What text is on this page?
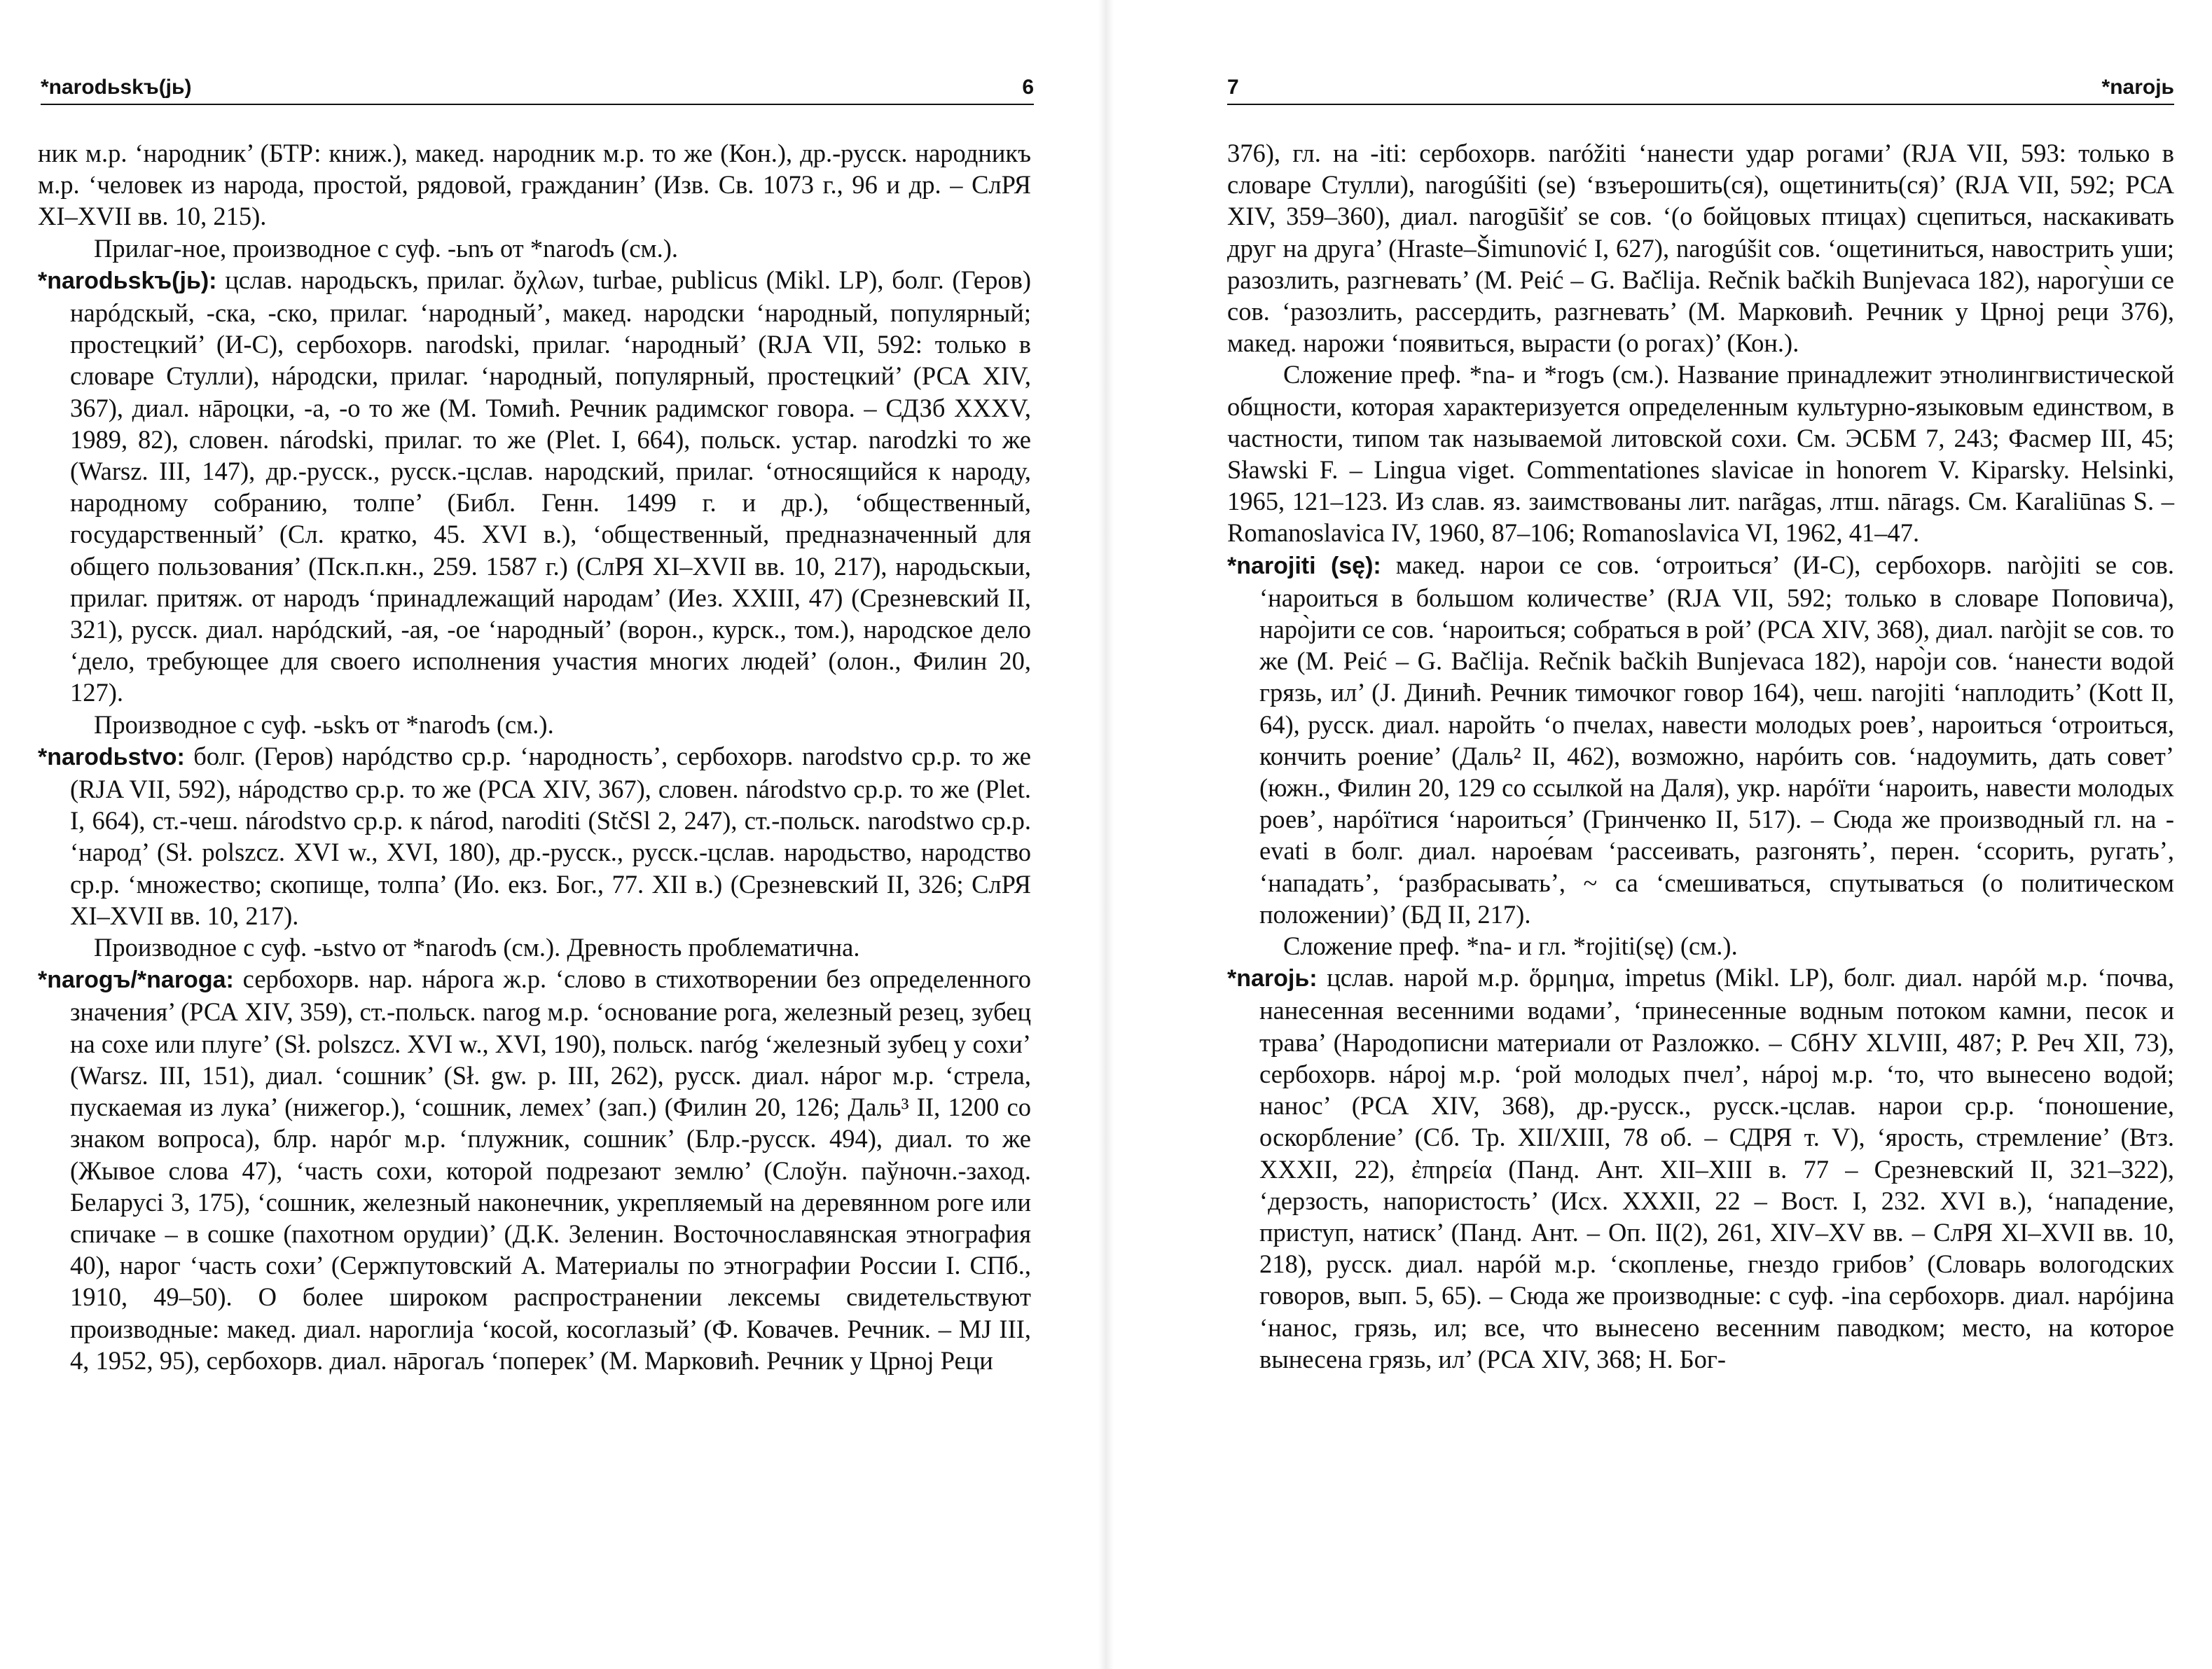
*narodьskъ(jь)	6

ник м.р. ‘народник’ (БТР: книж.), макед. народник м.р. то же (Кон.), др.-русск. народникъ м.р. ‘человек из народа, простой, рядовой, гражданин’ (Изв. Св. 1073 г., 96 и др. – СлРЯ XI–XVII вв. 10, 215).

Прилаг-ное, производное с суф. -ьnъ от *narodъ (см.).

*narodьskъ(jь): цслав. народьскъ, прилаг. ὄχλων, turbae, publicus (Mikl. LP), болг. (Геров) нарóдскый, -ска, -ско, прилаг. ‘народный’, макед. народски ‘народный, популярный; простецкий’ (И-С), сербохорв. narodski, прилаг. ‘народный’ (RJA VII, 592: только в словаре Стулли), нáродски, прилаг. ‘народный, популярный, простецкий’ (РСА XIV, 367), диал. нāроцки, -а, -о то же (М. Томић. Речник радимског говора. – СДЗб XXXV, 1989, 82), словен. národski, прилаг. то же (Plet. I, 664), польск. устар. narodzki то же (Warsz. III, 147), др.-русск., русск.-цслав. народский, прилаг. ‘относящийся к народу, народному собранию, толпе’ (Библ. Генн. 1499 г. и др.), ‘общественный, государственный’ (Сл. кратко, 45. XVI в.), ‘общественный, предназначенный для общего пользования’ (Пск.п.кн., 259. 1587 г.) (СлРЯ XI–XVII вв. 10, 217), народьскыи, прилаг. притяж. от народъ ‘принадлежащий народам’ (Иез. XXIII, 47) (Срезневский II, 321), русск. диал. нарóдский, -ая, -ое ‘народный’ (ворон., курск., том.), народское дело ‘дело, требующее для своего исполнения участия многих людей’ (олон., Филин 20, 127).

Производное с суф. -ьskъ от *narodъ (см.).

*narodьstvo: болг. (Геров) нарóдство ср.р. ‘народность’, сербохорв. narodstvo ср.р. то же (RJA VII, 592), нáродство ср.р. то же (РСА XIV, 367), словен. národstvo ср.р. то же (Plet. I, 664), ст.-чеш. národstvo ср.р. к národ, naroditi (StčSl 2, 247), ст.-польск. narodstwo ср.р. ‘народ’ (Sł. polszcz. XVI w., XVI, 180), др.-русск., русск.-цслав. народьство, народство ср.р. ‘множество; скопище, толпа’ (Ио. екз. Бог., 77. XII в.) (Срезневский II, 326; СлРЯ XI–XVII вв. 10, 217).

Производное с суф. -ьstvo от *narodъ (см.). Древность проблематична.

*narogъ/*naroga: сербохорв. нар. нáрога ж.р. ‘слово в стихотворении без определенного значения’ (РСА XIV, 359), ст.-польск. narog м.р. ‘основание рога, железный резец, зубец на сохе или плуге’ (Sł. polszcz. XVI w., XVI, 190), польск. naróg ‘железный зубец у сохи’ (Warsz. III, 151), диал. ‘сошник’ (Sł. gw. p. III, 262), русск. диал. нáрог м.р. ‘стрела, пускаемая из лука’ (нижегор.), ‘сошник, лемех’ (зап.) (Филин 20, 126; Даль³ II, 1200 со знаком вопроса), блр. нарóг м.р. ‘плужник, сошник’ (Блр.-русск. 494), диал. то же (Жывое слова 47), ‘часть сохи, которой подрезают землю’ (Слоўн. паўночн.-заход. Беларусі 3, 175), ‘сошник, железный наконечник, укрепляемый на деревянном роге или спичаке – в сошке (пахотном орудии)’ (Д.К. Зеленин. Восточнославянская этнография 40), нарог ‘часть сохи’ (Сержпутовский А. Материалы по этнографии России I. СПб., 1910, 49–50). О более широком распространении лексемы свидетельствуют производные: макед. диал. нароглија ‘косой, косоглазый’ (Ф. Ковачев. Речник. – МЈ III, 4, 1952, 95), сербохорв. диал. нāрогаљ ‘поперек’ (М. Марковић. Речник у Црној Реци

7	*narojь

376), гл. на -iti: сербохорв. naróžiti ‘нанести удар рогами’ (RJA VII, 593: только в словаре Стулли), narogúšiti (se) ‘взъерошить(ся), ощетинить(ся)’ (RJA VII, 592; РСА XIV, 359–360), диал. narogūšiť se сов. ‘(о бойцовых птицах) сцепиться, наскакивать друг на друга’ (Hraste–Šimunović I, 627), narogúšit сов. ‘ощетиниться, навострить уши; разозлить, разгневать’ (M. Peić – G. Bačlija. Rečnik bačkih Bunjevaca 182), нарогу̀ши се сов. ‘разозлить, рассердить, разгневать’ (М. Марковић. Речник у Црној реци 376), макед. нарожи ‘появиться, вырасти (о рогах)’ (Кон.).

Сложение преф. *na- и *rogъ (см.). Название принадлежит этнолингвистической общности, которая характеризуется определенным культурно-языковым единством, в частности, типом так называемой литовской сохи. См. ЭСБМ 7, 243; Фасмер III, 45; Sławski F. – Lingua viget. Commentationes slavicae in honorem V. Kiparsky. Helsinki, 1965, 121–123. Из слав. яз. заимствованы лит. narãgas, лтш. nārags. См. Karaliūnas S. – Romanoslavica IV, 1960, 87–106; Romanoslavica VI, 1962, 41–47.

*narojiti (sę): макед. нарои се сов. ‘отроиться’ (И-С), сербохорв. naròjiti se сов. ‘нароиться в большом количестве’ (RJA VII, 592; только в словаре Поповича), наро̀јити се сов. ‘нароиться; собраться в рой’ (РСА XIV, 368), диал. naròjit se сов. то же (M. Peić – G. Bačlija. Rečnik bačkih Bunjevaca 182), наро̀ји сов. ‘нанести водой грязь, ил’ (J. Динић. Речник тимочког говор 164), чеш. narojiti ‘наплодить’ (Kott II, 64), русск. диал. наройть ‘о пчелах, навести молодых роев’, нароиться ‘отроиться, кончить роение’ (Даль² II, 462), возможно, нарóить сов. ‘надоумить, дать совет’ (южн., Филин 20, 129 со ссылкой на Даля), укр. нарóїти ‘нароить, навести молодых роев’, нарóїтися ‘нароиться’ (Гринченко II, 517). – Сюда же производный гл. на -evati в болг. диал. нарое́вам ‘рассеивать, разгонять’, перен. ‘ссорить, ругать’, ‘нападать’, ‘разбрасывать’, ~ са ‘смешиваться, спутываться (о политическом положении)’ (БД II, 217).

Сложение преф. *na- и гл. *rojiti(sę) (см.).

*narojь: цслав. нарой м.р. ὅρμημα, impetus (Mikl. LP), болг. диал. нарóй м.р. ‘почва, нанесенная весенними водами’, ‘принесенные водным потоком камни, песок и трава’ (Народописни материали от Разложко. – СбНУ XLVIII, 487; Р. Реч XII, 73), сербохорв. нáрој м.р. ‘рой молодых пчел’, нáрој м.р. ‘то, что вынесено водой; нанос’ (РСА XIV, 368), др.-русск., русск.-цслав. нарои ср.р. ‘поношение, оскорбление’ (Сб. Тр. XII/XIII, 78 об. – СДРЯ т. V), ‘ярость, стремление’ (Втз. XXXII, 22), ἐπηρεία (Панд. Ант. XII–XIII в. 77 – Срезневский II, 321–322), ‘дерзость, напористость’ (Исх. XXXII, 22 – Вост. I, 232. XVI в.), ‘нападение, приступ, натиск’ (Панд. Ант. – Оп. II(2), 261, XIV–XV вв. – СлРЯ XI–XVII вв. 10, 218), русск. диал. нарóй м.р. ‘скопленье, гнездо грибов’ (Словарь вологодских говоров, вып. 5, 65). – Сюда же производные: с суф. -ina сербохорв. диал. нарóјина ‘нанос, грязь, ил; все, что вынесено весенним паводком; место, на которое вынесена грязь, ил’ (РСА XIV, 368; Н. Бог-
